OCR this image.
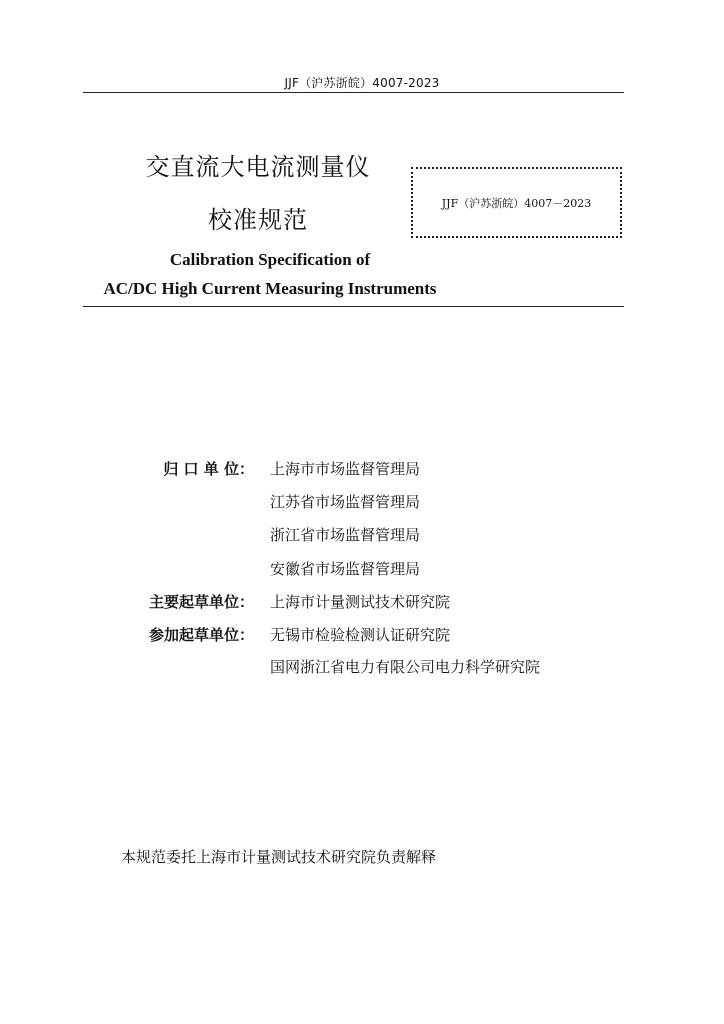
JJF（沪苏浙皖）4007-2023
交直流大电流测量仪
校准规范
JJF（沪苏浙皖）4007－2023
Calibration Specification of
AC/DC High Current Measuring Instruments
归 口 单 位： 上海市市场监督管理局
江苏省市场监督管理局
浙江省市场监督管理局
安徽省市场监督管理局
主要起草单位： 上海市计量测试技术研究院
参加起草单位： 无锡市检验检测认证研究院
国网浙江省电力有限公司电力科学研究院
本规范委托上海市计量测试技术研究院负责解释
